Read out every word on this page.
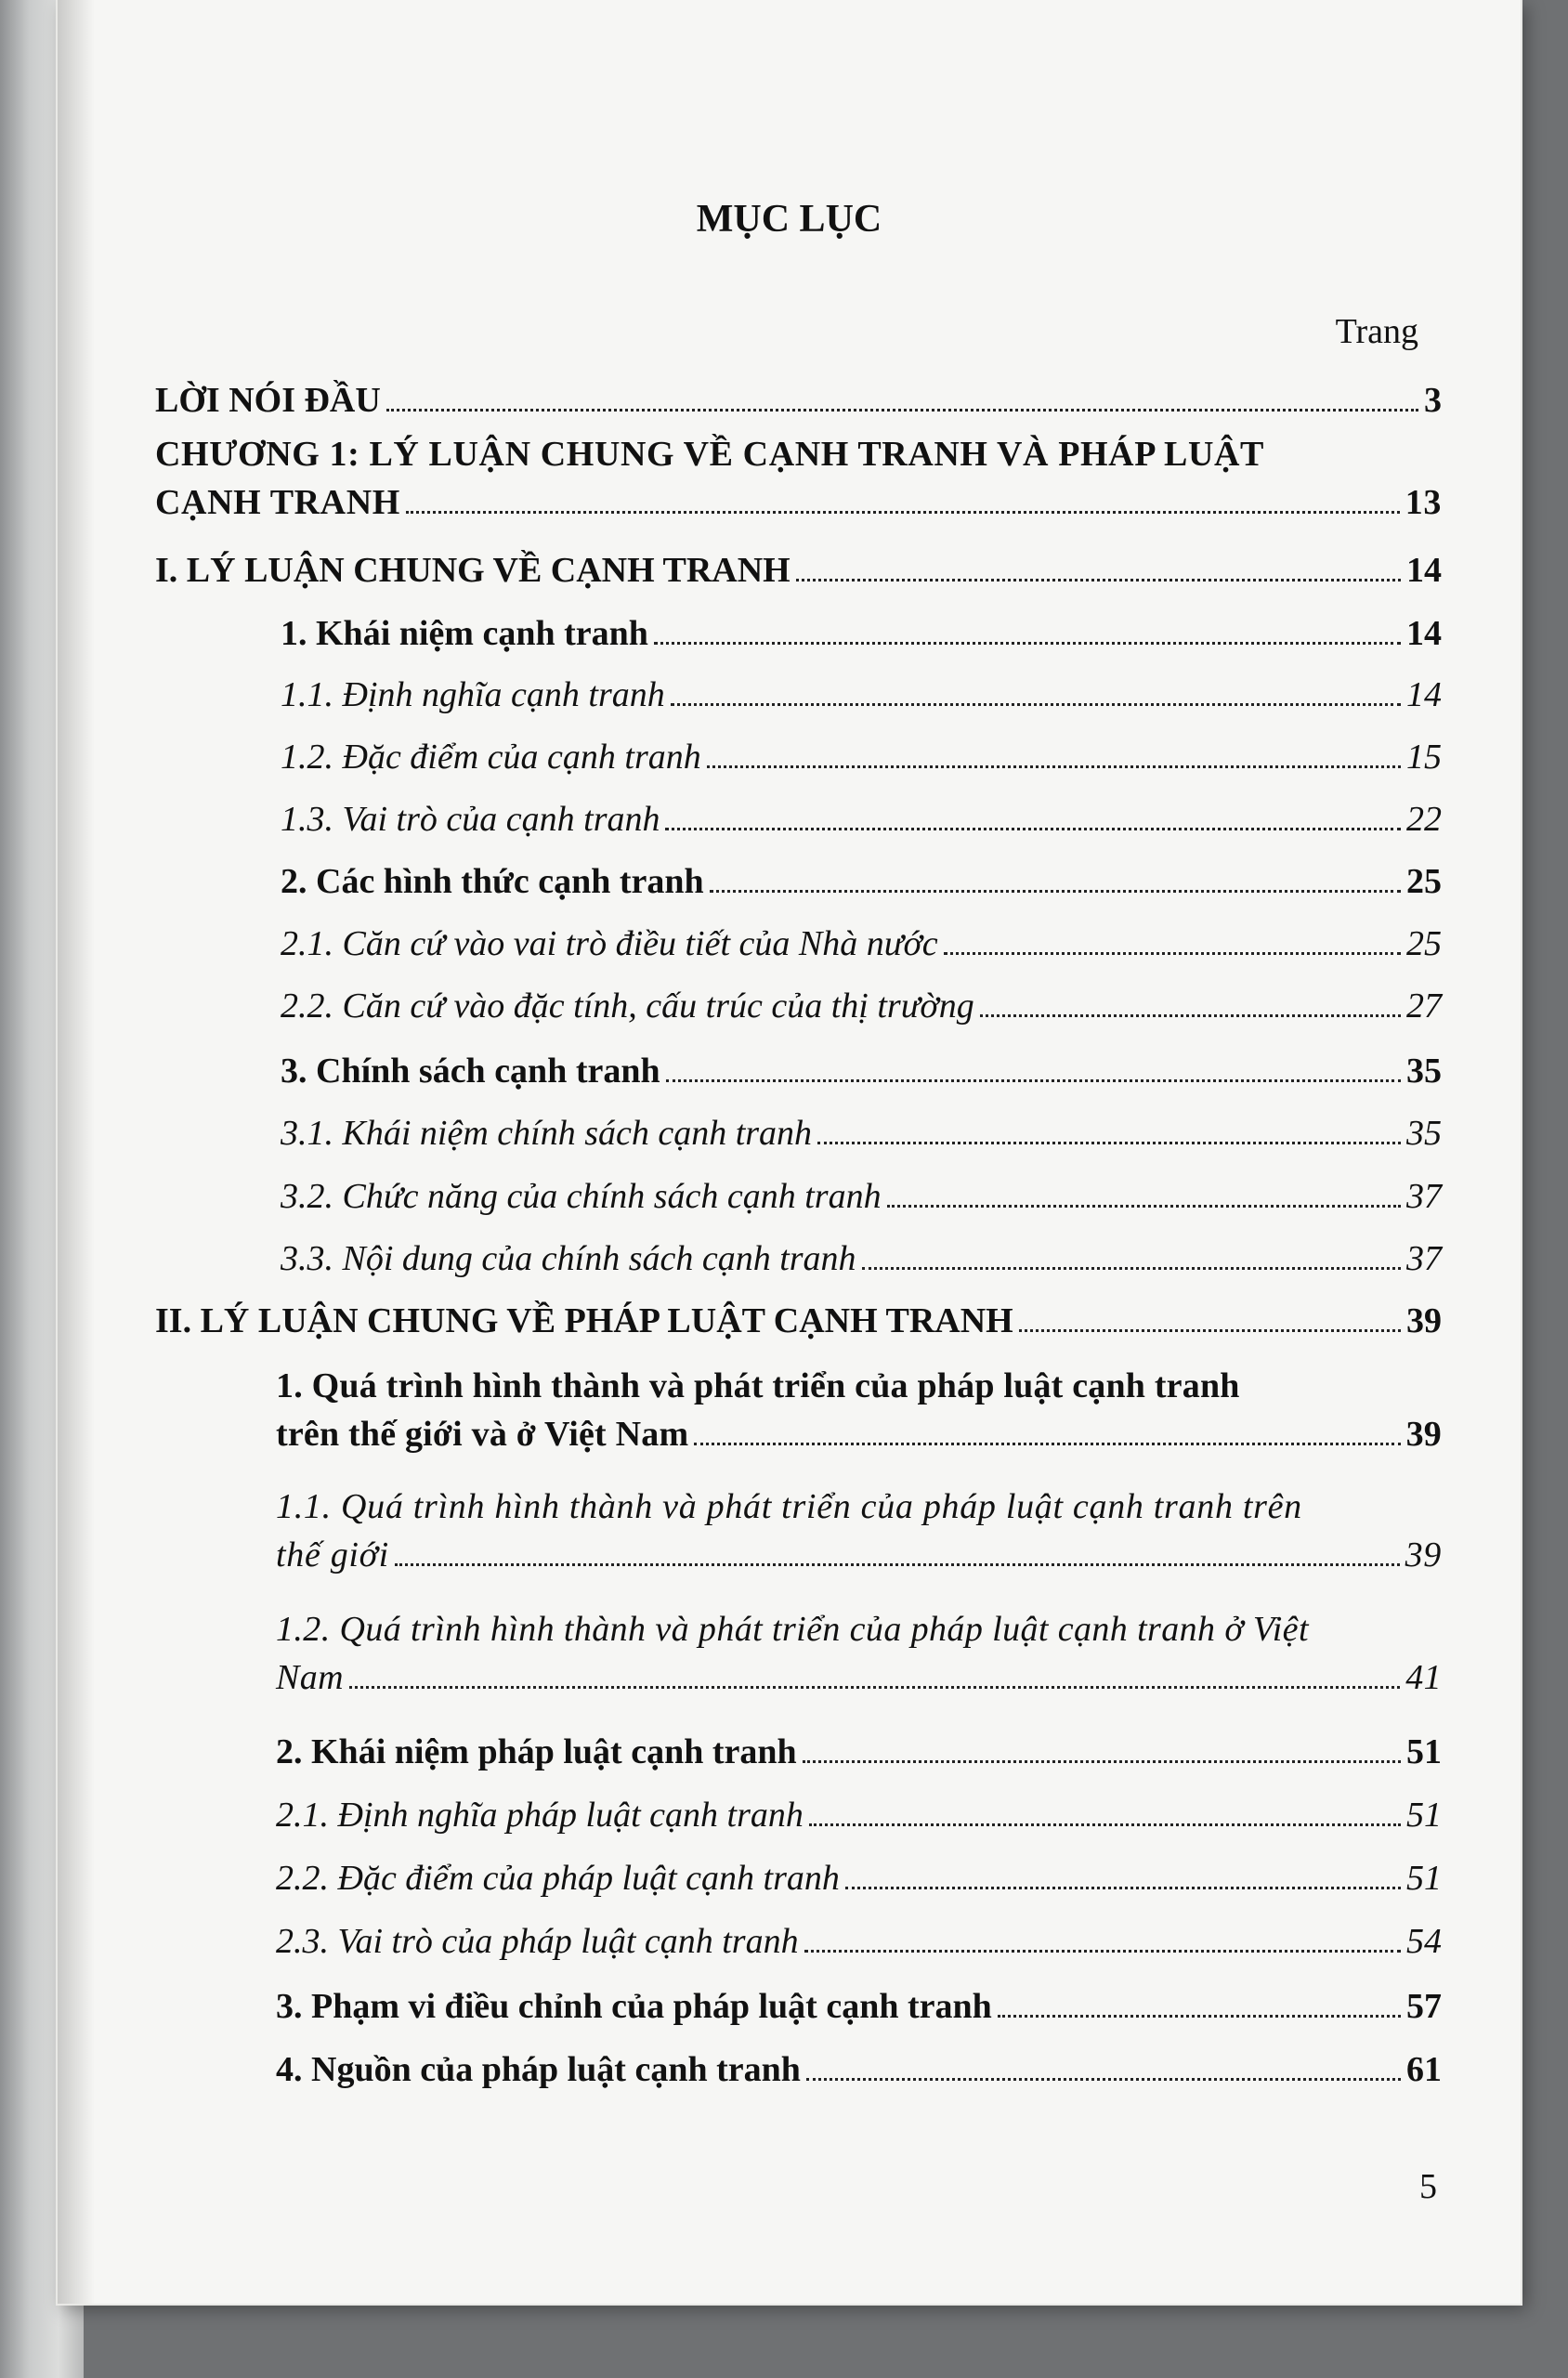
MỤC LỤC
Trang
LỜI NÓI ĐẦU	3
CHƯƠNG 1: LÝ LUẬN CHUNG VỀ CẠNH TRANH VÀ PHÁP LUẬT
CẠNH TRANH	13
I. LÝ LUẬN CHUNG VỀ CẠNH TRANH	14
1. Khái niệm cạnh tranh	14
1.1. Định nghĩa cạnh tranh	14
1.2. Đặc điểm của cạnh tranh	15
1.3. Vai trò của cạnh tranh	22
2. Các hình thức cạnh tranh	25
2.1. Căn cứ vào vai trò điều tiết của Nhà nước	25
2.2. Căn cứ vào đặc tính, cấu trúc của thị trường	27
3. Chính sách cạnh tranh	35
3.1. Khái niệm chính sách cạnh tranh	35
3.2. Chức năng của chính sách cạnh tranh	37
3.3. Nội dung của chính sách cạnh tranh	37
II. LÝ LUẬN CHUNG VỀ PHÁP LUẬT CẠNH TRANH	39
1. Quá trình hình thành và phát triển của pháp luật cạnh tranh
trên thế giới và ở Việt Nam	39
1.1. Quá trình hình thành và phát triển của pháp luật cạnh tranh trên
thế giới	39
1.2. Quá trình hình thành và phát triển của pháp luật cạnh tranh ở Việt
Nam	41
2. Khái niệm pháp luật cạnh tranh	51
2.1. Định nghĩa pháp luật cạnh tranh	51
2.2. Đặc điểm của pháp luật cạnh tranh	51
2.3. Vai trò của pháp luật cạnh tranh	54
3. Phạm vi điều chỉnh của pháp luật cạnh tranh	57
4. Nguồn của pháp luật cạnh tranh	61
5
